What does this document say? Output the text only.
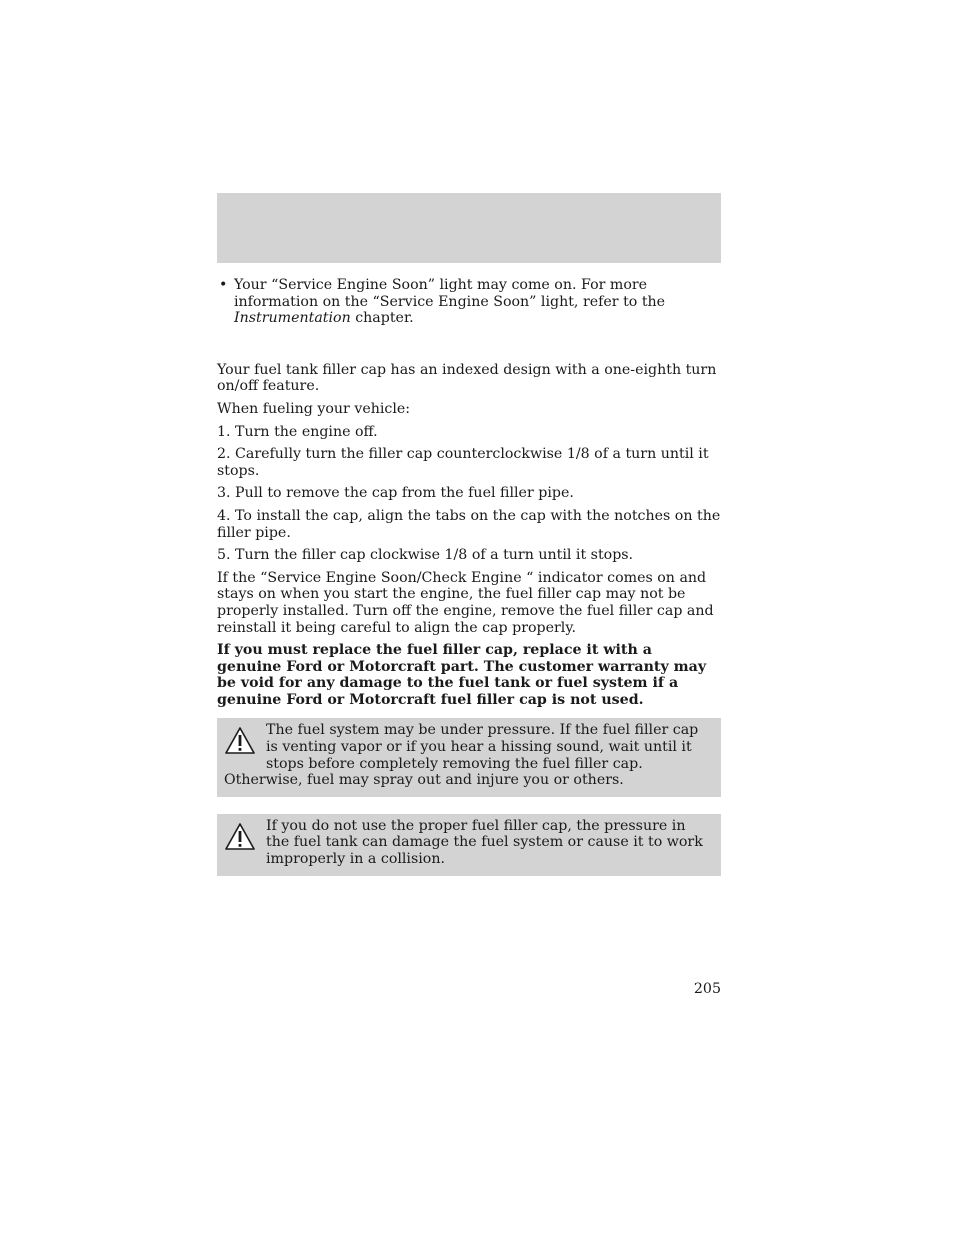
• Your “Service Engine Soon” light may come on. For more information on the “Service Engine Soon” light, refer to the Instrumentation chapter.

Your fuel tank filler cap has an indexed design with a one-eighth turn on/off feature.

When fueling your vehicle:

1. Turn the engine off.

2. Carefully turn the filler cap counterclockwise 1/8 of a turn until it stops.

3. Pull to remove the cap from the fuel filler pipe.

4. To install the cap, align the tabs on the cap with the notches on the filler pipe.

5. Turn the filler cap clockwise 1/8 of a turn until it stops.

If the “Service Engine Soon/Check Engine “ indicator comes on and stays on when you start the engine, the fuel filler cap may not be properly installed. Turn off the engine, remove the fuel filler cap and reinstall it being careful to align the cap properly.

If you must replace the fuel filler cap, replace it with a genuine Ford or Motorcraft part. The customer warranty may be void for any damage to the fuel tank or fuel system if a genuine Ford or Motorcraft fuel filler cap is not used.

The fuel system may be under pressure. If the fuel filler cap is venting vapor or if you hear a hissing sound, wait until it stops before completely removing the fuel filler cap. Otherwise, fuel may spray out and injure you or others.
If you do not use the proper fuel filler cap, the pressure in the fuel tank can damage the fuel system or cause it to work improperly in a collision.
205
